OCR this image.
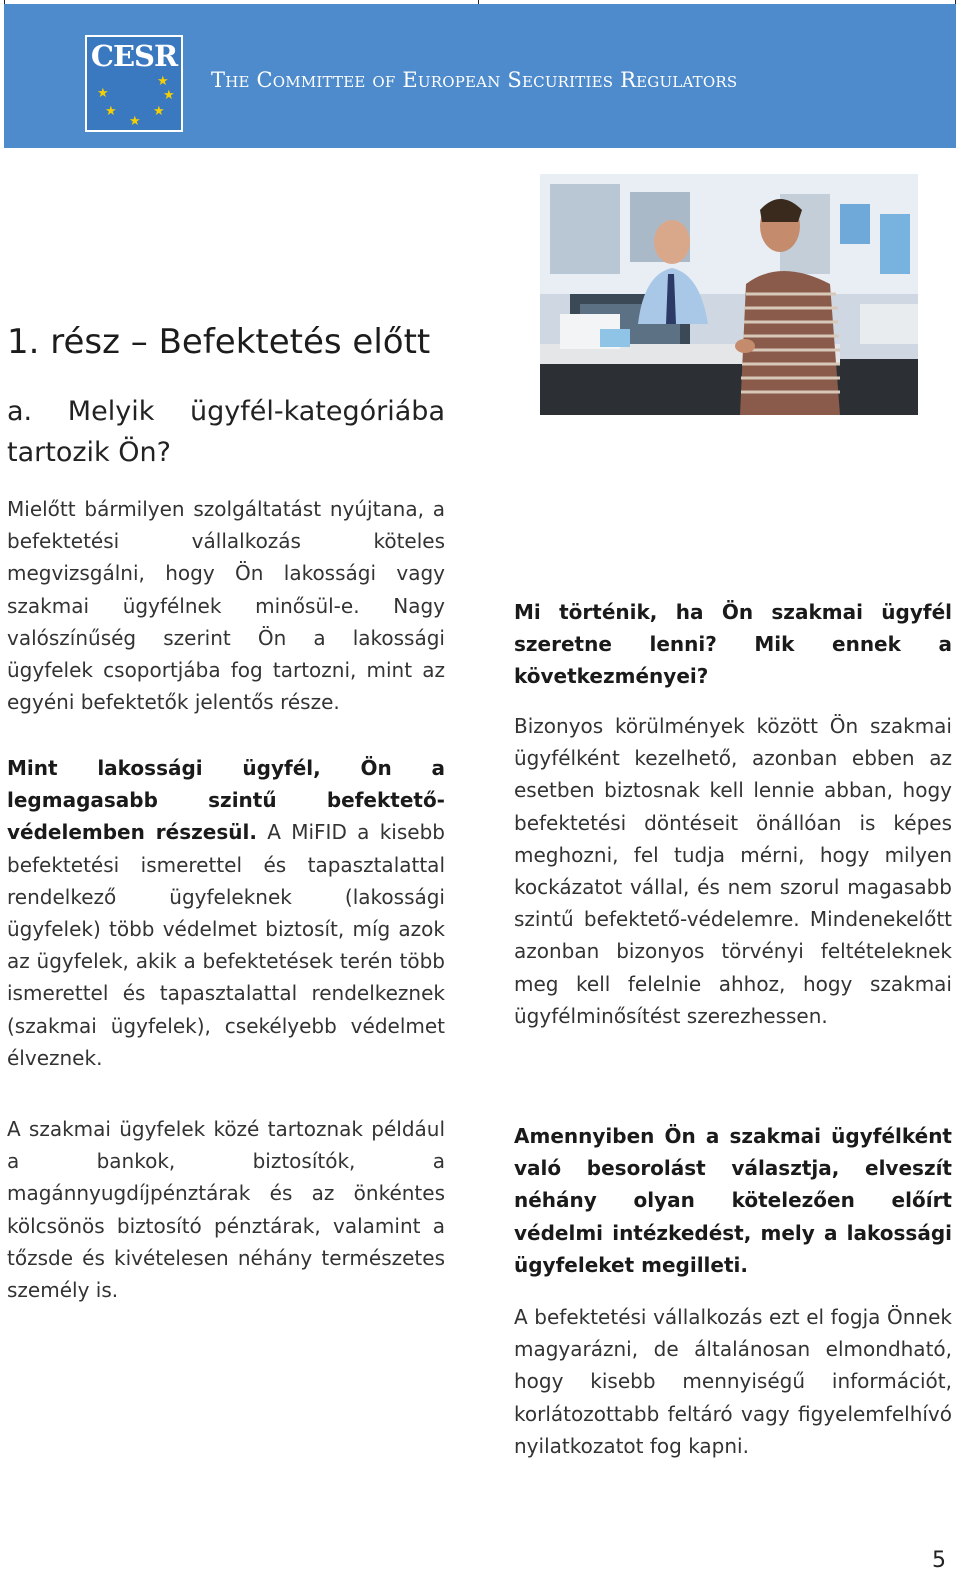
CESR
★
★
★
★
★
★ The Committee of European Securities Regulators
1. rész – Befektetés előtt
a. Melyik ügyfél-kategóriába tartozik Ön?

Mielőtt bármilyen szolgáltatást nyújtana, a befektetési vállalkozás köteles megvizsgálni, hogy Ön lakossági vagy szakmai ügyfélnek minősül-e. Nagy valószínűség szerint Ön a lakossági ügyfelek csoportjába fog tartozni, mint az egyéni befektetők jelentős része.

Mint lakossági ügyfél, Ön a legmagasabb szintű befektető-védelemben részesül. A MiFID a kisebb befektetési ismerettel és tapasztalattal rendelkező ügyfeleknek (lakossági ügyfelek) több védelmet biztosít, míg azok az ügyfelek, akik a befektetések terén több ismerettel és tapasztalattal rendelkeznek (szakmai ügyfelek), csekélyebb védelmet élveznek.

A szakmai ügyfelek közé tartoznak például a bankok, biztosítók, a magánnyugdíjpénztárak és az önkéntes kölcsönös biztosító pénztárak, valamint a tőzsde és kivételesen néhány természetes személy is.

Mi történik, ha Ön szakmai ügyfél szeretne lenni? Mik ennek a következményei?

Bizonyos körülmények között Ön szakmai ügyfélként kezelhető, azonban ebben az esetben biztosnak kell lennie abban, hogy befektetési döntéseit önállóan is képes meghozni, fel tudja mérni, hogy milyen kockázatot vállal, és nem szorul magasabb szintű befektető-védelemre. Mindenekelőtt azonban bizonyos törvényi feltételeknek meg kell felelnie ahhoz, hogy szakmai ügyfélminősítést szerezhessen.

Amennyiben Ön a szakmai ügyfélként való besorolást választja, elveszít néhány olyan kötelezően előírt védelmi intézkedést, mely a lakossági ügyfeleket megilleti.

A befektetési vállalkozás ezt el fogja Önnek magyarázni, de általánosan elmondható, hogy kisebb mennyiségű információt, korlátozottabb feltáró vagy figyelemfelhívó nyilatkozatot fog kapni.

5
